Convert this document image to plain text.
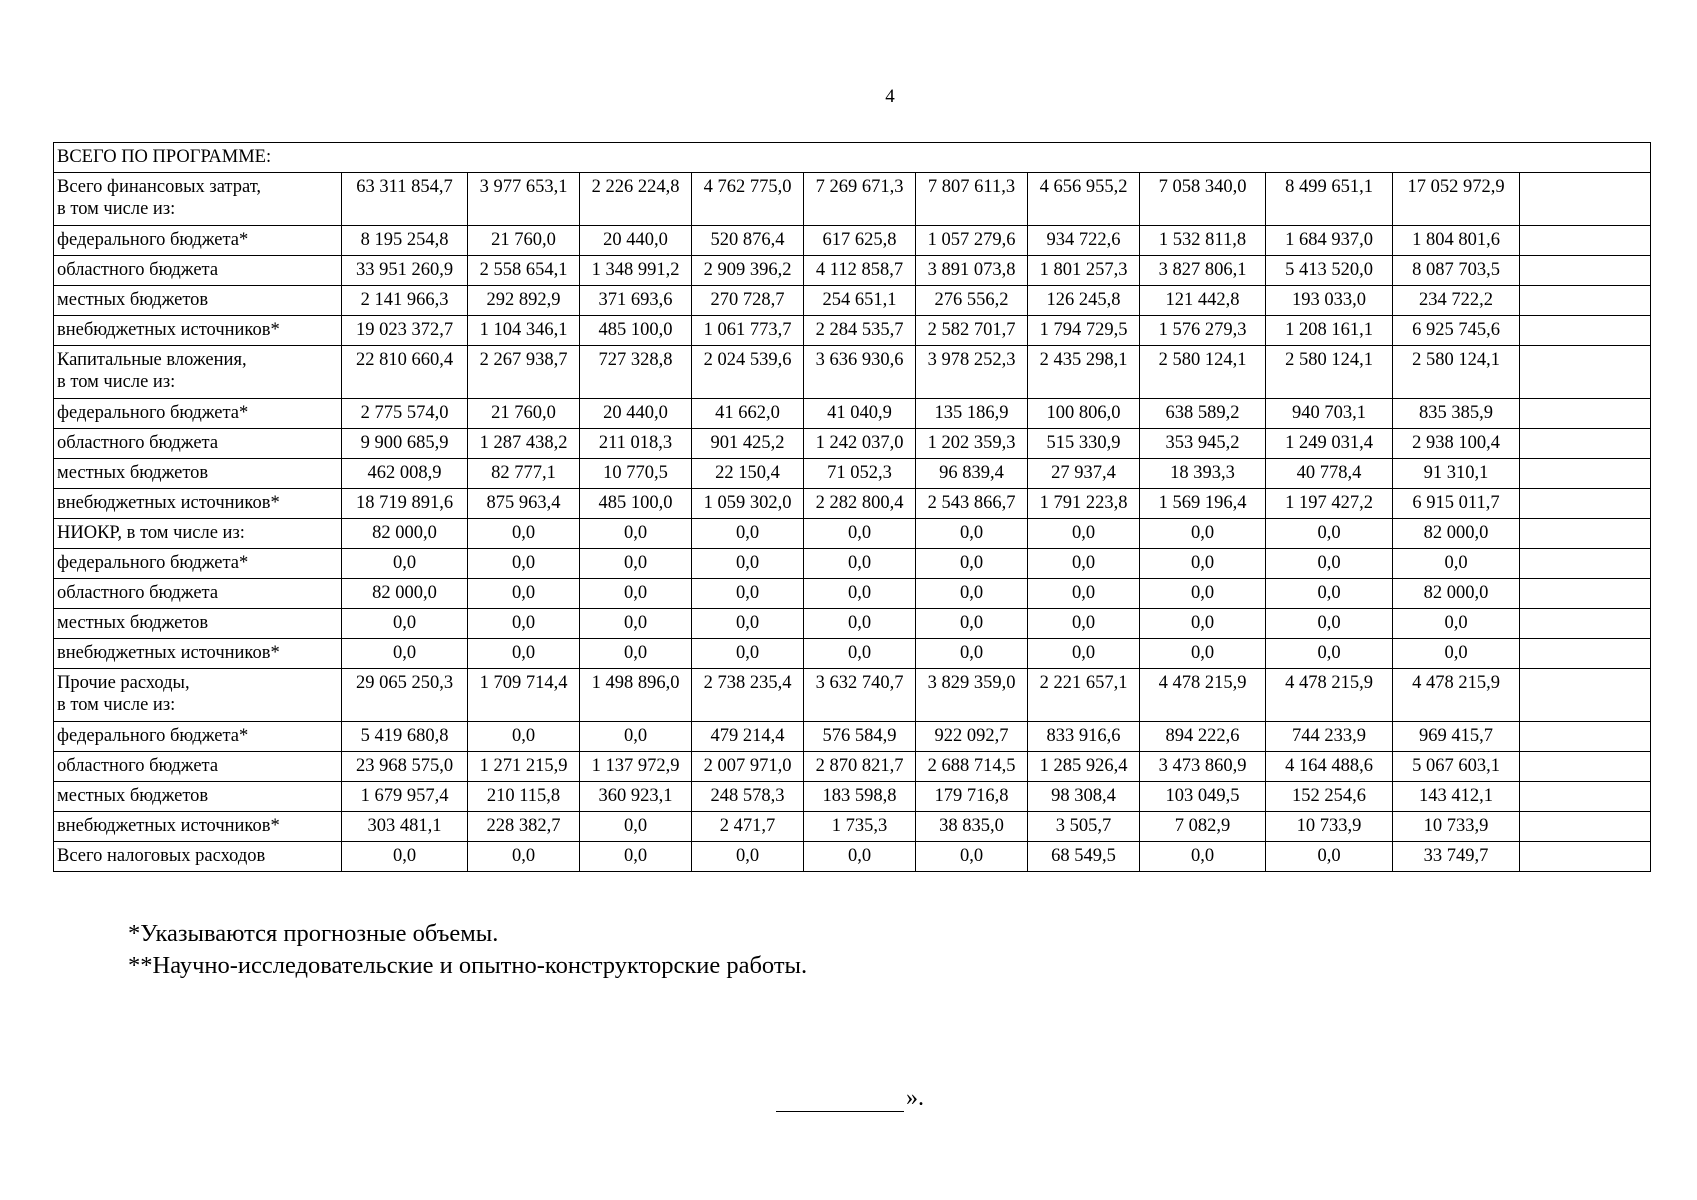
4
ВСЕГО ПО ПРОГРАММЕ:											
Всего финансовых затрат,
в том числе из:	63 311 854,7	3 977 653,1	2 226 224,8	4 762 775,0	7 269 671,3	7 807 611,3	4 656 955,2	7 058 340,0	8 499 651,1	17 052 972,9	
федерального бюджета*	8 195 254,8	21 760,0	20 440,0	520 876,4	617 625,8	1 057 279,6	934 722,6	1 532 811,8	1 684 937,0	1 804 801,6	
областного бюджета	33 951 260,9	2 558 654,1	1 348 991,2	2 909 396,2	4 112 858,7	3 891 073,8	1 801 257,3	3 827 806,1	5 413 520,0	8 087 703,5	
местных бюджетов	2 141 966,3	292 892,9	371 693,6	270 728,7	254 651,1	276 556,2	126 245,8	121 442,8	193 033,0	234 722,2	
внебюджетных источников*	19 023 372,7	1 104 346,1	485 100,0	1 061 773,7	2 284 535,7	2 582 701,7	1 794 729,5	1 576 279,3	1 208 161,1	6 925 745,6	
Капитальные вложения,
в том числе из:	22 810 660,4	2 267 938,7	727 328,8	2 024 539,6	3 636 930,6	3 978 252,3	2 435 298,1	2 580 124,1	2 580 124,1	2 580 124,1	
федерального бюджета*	2 775 574,0	21 760,0	20 440,0	41 662,0	41 040,9	135 186,9	100 806,0	638 589,2	940 703,1	835 385,9	
областного бюджета	9 900 685,9	1 287 438,2	211 018,3	901 425,2	1 242 037,0	1 202 359,3	515 330,9	353 945,2	1 249 031,4	2 938 100,4	
местных бюджетов	462 008,9	82 777,1	10 770,5	22 150,4	71 052,3	96 839,4	27 937,4	18 393,3	40 778,4	91 310,1	
внебюджетных источников*	18 719 891,6	875 963,4	485 100,0	1 059 302,0	2 282 800,4	2 543 866,7	1 791 223,8	1 569 196,4	1 197 427,2	6 915 011,7	
НИОКР, в том числе из:	82 000,0	0,0	0,0	0,0	0,0	0,0	0,0	0,0	0,0	82 000,0	
федерального бюджета*	0,0	0,0	0,0	0,0	0,0	0,0	0,0	0,0	0,0	0,0	
областного бюджета	82 000,0	0,0	0,0	0,0	0,0	0,0	0,0	0,0	0,0	82 000,0	
местных бюджетов	0,0	0,0	0,0	0,0	0,0	0,0	0,0	0,0	0,0	0,0	
внебюджетных источников*	0,0	0,0	0,0	0,0	0,0	0,0	0,0	0,0	0,0	0,0	
Прочие расходы,
в том числе из:	29 065 250,3	1 709 714,4	1 498 896,0	2 738 235,4	3 632 740,7	3 829 359,0	2 221 657,1	4 478 215,9	4 478 215,9	4 478 215,9	
федерального бюджета*	5 419 680,8	0,0	0,0	479 214,4	576 584,9	922 092,7	833 916,6	894 222,6	744 233,9	969 415,7	
областного бюджета	23 968 575,0	1 271 215,9	1 137 972,9	2 007 971,0	2 870 821,7	2 688 714,5	1 285 926,4	3 473 860,9	4 164 488,6	5 067 603,1	
местных бюджетов	1 679 957,4	210 115,8	360 923,1	248 578,3	183 598,8	179 716,8	98 308,4	103 049,5	152 254,6	143 412,1	
внебюджетных источников*	303 481,1	228 382,7	0,0	2 471,7	1 735,3	38 835,0	3 505,7	7 082,9	10 733,9	10 733,9	
Всего налоговых расходов	0,0	0,0	0,0	0,0	0,0	0,0	68 549,5	0,0	0,0	33 749,7	
*Указываются прогнозные объемы.
**Научно-исследовательские и опытно-конструкторские работы.
».
